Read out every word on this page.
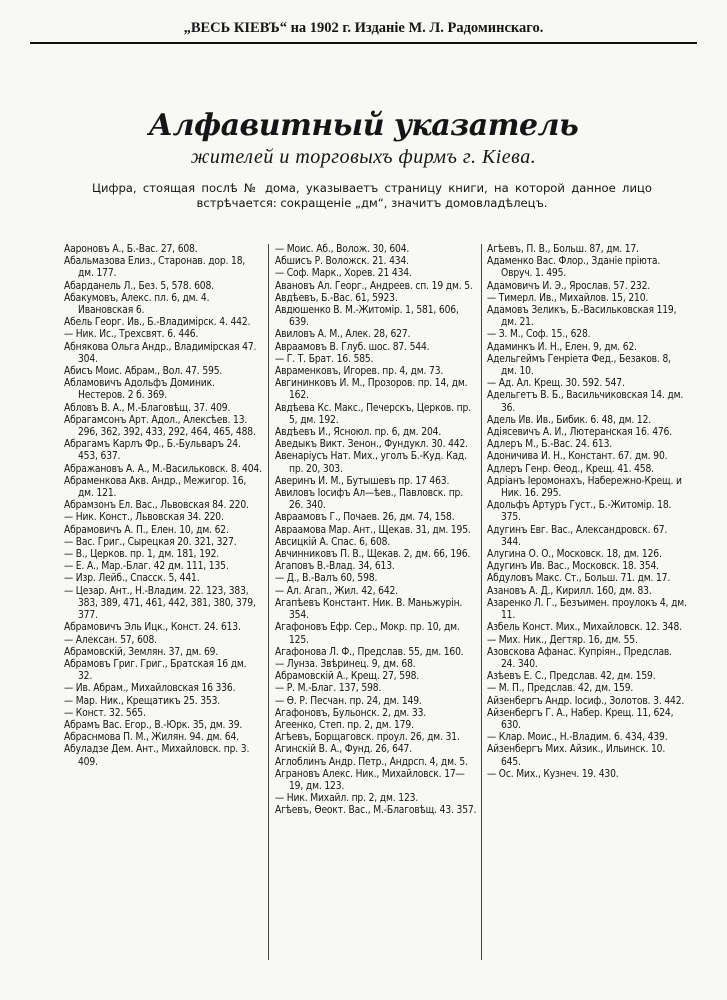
„ВЕСЬ КІЕВЪ“ на 1902 г. Изданіе М. Л. Радоминскаго.
Алфавитный указатель
жителей и торговыхъ фирмъ г. Кіева.
Цифра, стоящая послѣ № дома, указываетъ страницу книги, на которой данное лицо встрѣчается: сокращеніе „дм“, значитъ домовладѣлецъ.

Аароновъ А., Б.-Вас. 27, 608.

Абальмазова Елиз., Старонав. дор. 18, дм. 177.

Абарданель Л., Без. 5, 578. 608.

Абакумовъ, Алекс. пл. 6, дм. 4. Ивановская 6.

Абель Георг. Ив., Б.-Владимірск. 4. 442.

— Ник. Ис., Трехсвят. 6. 446.

Абнякова Ольга Андр., Владимірская 47. 304.

Абисъ Моис. Абрам., Вол. 47. 595.

Абламовичъ Адольфъ Доминик. Нестеров. 2 б. 369.

Абловъ В. А., М.-Благовѣщ. 37. 409.

Абрагамсонъ Арт. Адол., Алексѣев. 13. 296, 362, 392, 433, 292, 464, 465, 488.

Абрагамъ Карлъ Фр., Б.-Бульваръ 24. 453, 637.

Абражановъ А. А., М.-Васильковск. 8. 404.

Абраменкова Акв. Андр., Межигор. 16, дм. 121.

Абрамзонъ Ел. Вас., Львовская 84. 220.

— Ник. Конст., Львовская 34. 220.

Абрамовичъ А. П., Елен. 10, дм. 62.

— Вас. Григ., Сырецкая 20. 321, 327.

— В., Церков. пр. 1, дм. 181, 192.

— Е. А., Мар.-Благ. 42 дм. 111, 135.

— Изр. Лейб., Спасск. 5, 441.

— Цезар. Ант., Н.-Владим. 22. 123, 383, 383, 389, 471, 461, 442, 381, 380, 379, 377.

Абрамовичъ Эль Ицк., Конст. 24. 613.

— Алексан. 57, 608.

Абрамовскій, Землян. 37, дм. 69.

Абрамовъ Григ. Григ., Братская 16 дм. 32.

— Ив. Абрам., Михайловская 16 336.

— Мар. Ник., Крещатикъ 25. 353.

— Конст. 32. 565.

Абрамъ Вас. Егор., В.-Юрк. 35, дм. 39.

Абраснмова П. М., Жилян. 94. дм. 64.

Абуладзе Дем. Ант., Михайловск. пр. 3. 409.

— Моис. Аб., Волож. 30, 604.

Абшисъ Р. Воложск. 21. 434.

— Соф. Марк., Хорев. 21 434.

Авановъ Ал. Георг., Андреев. сп. 19 дм. 5.

Авдѣевъ, Б.-Вас. 61, 5923.

Авдюшенко В. М.-Житомір. 1, 581, 606, 639.

Авиловъ А. М., Алек. 28, 627.

Авраамовъ В. Глуб. шос. 87. 544.

— Г. Т. Брат. 16. 585.

Авраменковъ, Игорев. пр. 4, дм. 73.

Авгининковъ И. М., Прозоров. пр. 14, дм. 162.

Авдѣева Кс. Макс., Печерскъ, Церков. пр. 5, дм. 192.

Авдѣевъ И., Ясноюл. пр. 6, дм. 204.

Аведыкъ Викт. Зенон., Фундукл. 30. 442.

Авенаріусъ Нат. Мих., уголъ Б.-Куд. Кад. пр. 20, 303.

Аверинъ И. М., Бутышевъ пр. 17 463.

Авиловъ Іосифъ Ал—ѣев., Павловск. пр. 26. 340.

Авраамовъ Г., Почаев. 26, дм. 74, 158.

Авраамова Мар. Ант., Щекав. 31, дм. 195.

Авсицкій А. Спас. 6, 608.

Авчинниковъ П. В., Щекав. 2, дм. 66, 196.

Агаповъ В.-Влад. 34, 613.

— Д., В.-Валъ 60, 598.

— Ал. Агап., Жил. 42, 642.

Агапѣевъ Констант. Ник. В. Маньжурін. 354.

Агафоновъ Ефр. Сер., Мокр. пр. 10, дм. 125.

Агафонова Л. Ф., Предслав. 55, дм. 160.

— Лунза. Звѣринец. 9, дм. 68.

Абрамовскій А., Крещ. 27, 598.

— Р. М.-Благ. 137, 598.

— Ѳ. Р. Песчан. пр. 24, дм. 149.

Агафоновъ, Бульонск. 2, дм. 33.

Агеенко, Степ. пр. 2, дм. 179.

Агѣевъ, Борщаговск. проул. 26, дм. 31.

Агинскій В. А., Фунд. 26, 647.

Аглоблинъ Андр. Петр., Андрсп. 4, дм. 5.

Аграновъ Алекс. Ник., Михайловск. 17—19, дм. 123.

— Ник. Михайл. пр. 2, дм. 123.

Агѣевъ, Ѳеокт. Вас., М.-Благовѣщ. 43. 357.

Агѣевъ, П. В., Больш. 87, дм. 17.

Адаменко Вас. Флор., Зданіе пріюта. Овруч. 1. 495.

Адамовичъ И. Э., Ярослав. 57. 232.

— Тимерл. Ив., Михайлов. 15, 210.

Адамовъ Зеликъ, Б.-Васильковская 119, дм. 21.

— З. М., Соф. 15., 628.

Адаминкъ И. Н., Елен. 9, дм. 62.

Адельгеймъ Генріета Фед., Безаков. 8, дм. 10.

— Ад. Ал. Крещ. 30. 592. 547.

Адельгетъ В. Б., Васильчиковская 14. дм. 36.

Адель Ив. Ив., Бибик. 6. 48, дм. 12.

Адіясевичъ А. И., Лютеранская 16. 476.

Адлеръ М., Б.-Вас. 24. 613.

Адоничива И. Н., Констант. 67. дм. 90.

Адлеръ Генр. Ѳеод., Крещ. 41. 458.

Адріанъ Іеромонахъ, Набережно-Крещ. и Ник. 16. 295.

Адольфъ Артуръ Густ., Б.-Житомір. 18. 375.

Адугинъ Евг. Вас., Александровск. 67. 344.

Алугина О. О., Московск. 18, дм. 126.

Адугинъ Ив. Вас., Московск. 18. 354.

Абдуловъ Макс. Ст., Больш. 71. дм. 17.

Азановъ А. Д., Кирилл. 160, дм. 83.

Азаренко Л. Г., Безъимен. проулокъ 4, дм. 11.

Азбель Конст. Мих., Михайловск. 12. 348.

— Мих. Ник., Дегтяр. 16, дм. 55.

Азовскова Афанас. Купріян., Предслав. 24. 340.

Азѣевъ Е. С., Предслав. 42, дм. 159.

— М. П., Предслав. 42, дм. 159.

Айзенбергъ Андр. Іосиф., Золотов. 3. 442.

Айзенбергъ Г. А., Набер. Крещ. 11, 624, 630.

— Клар. Моис., Н.-Владим. 6. 434, 439.

Айзенбергъ Мих. Айзик., Ильинск. 10. 645.

— Ос. Мих., Кузнеч. 19. 430.
